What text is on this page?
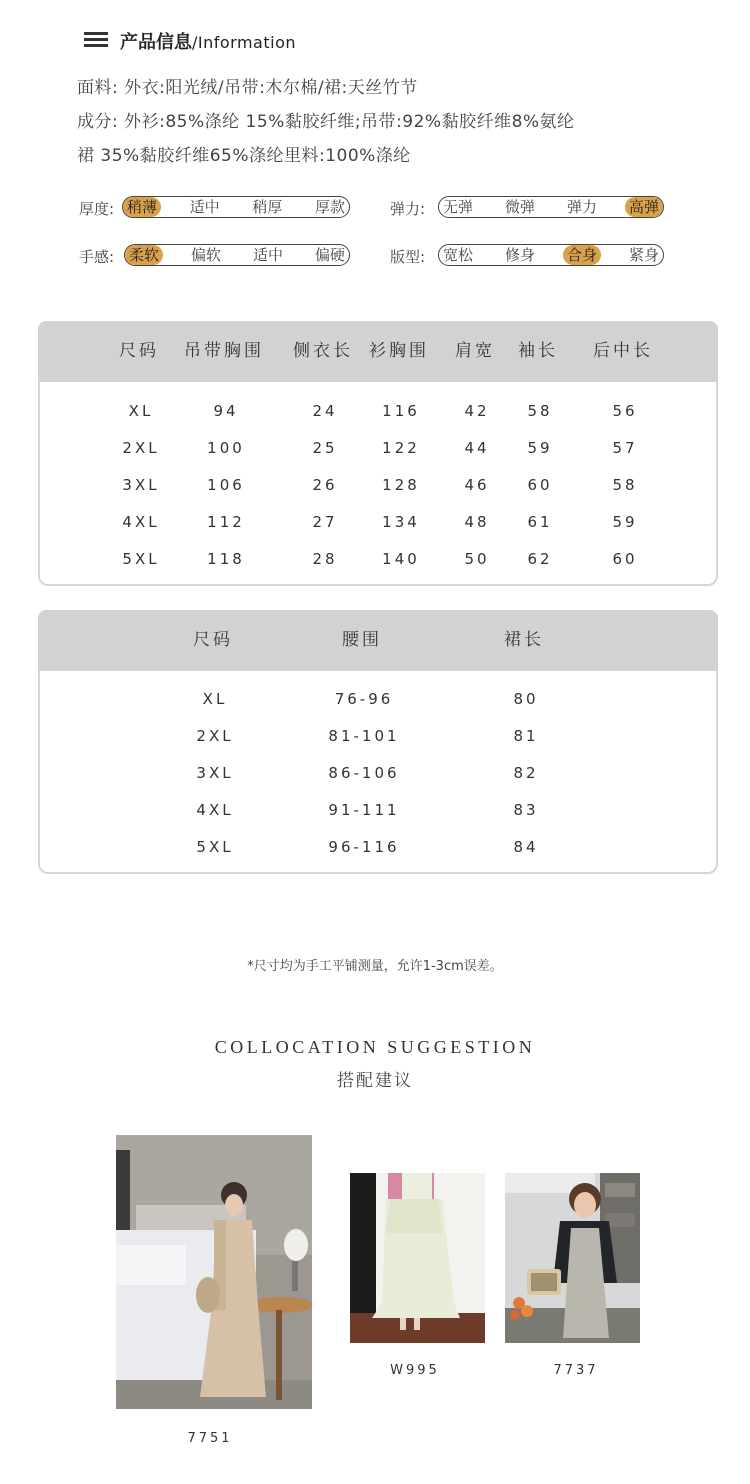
产品信息/Information
面料: 外衣:阳光绒/吊带:木尔棉/裙:天丝竹节
成分: 外衫:85%涤纶 15%黏胶纤维;吊带:92%黏胶纤维8%氨纶
裙 35%黏胶纤维65%涤纶里料:100%涤纶
厚度: 稍薄 适中 稍厚 厚款	弹力: 无弹 微弹 弹力 高弹
手感: 柔软 偏软 适中 偏硬	版型: 宽松 修身 合身 紧身
尺码 吊带胸围 侧衣长 衫胸围 肩宽 袖长 后中长
XL	94	24	116	42	58	56
2XL	100	25	122	44	59	57
3XL	106	26	128	46	60	58
4XL	112	27	134	48	61	59
5XL	118	28	140	50	62	60
尺码	腰围	裙长
XL	76-96	80
2XL	81-101	81
3XL	86-106	82
4XL	91-111	83
5XL	96-116	84
*尺寸均为手工平铺测量，允许1-3cm误差。
COLLOCATION SUGGESTION
搭配建议
7751
W995	7737
